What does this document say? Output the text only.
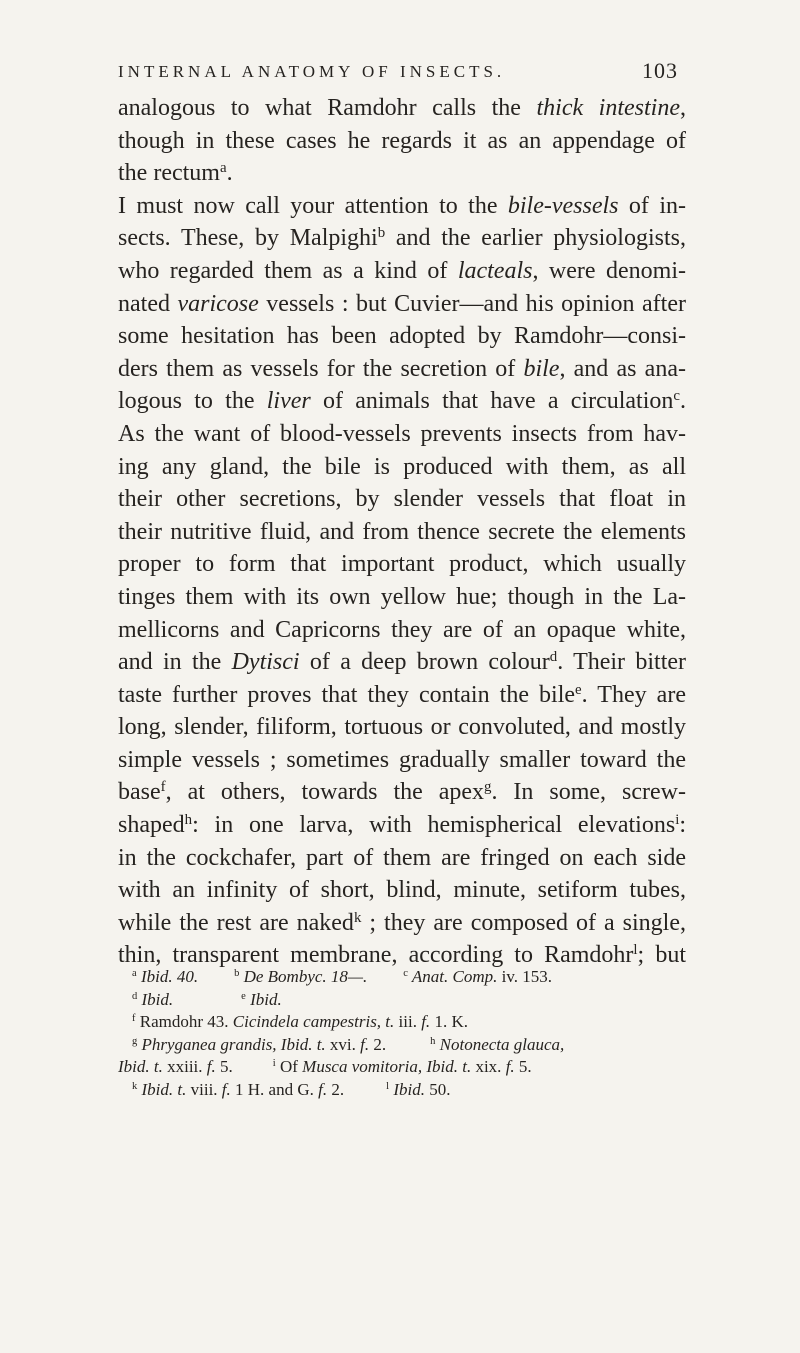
INTERNAL ANATOMY OF INSECTS.	103
analogous to what Ramdohr calls the thick intestine,
though in these cases he regards it as an appendage of
the rectum$^a$.
I must now call your attention to the bile-vessels of in-
sects. These, by Malpighi$^b$ and the earlier physiologists,
who regarded them as a kind of lacteals, were denomi-
nated varicose vessels : but Cuvier—and his opinion after
some hesitation has been adopted by Ramdohr—consi-
ders them as vessels for the secretion of bile, and as ana-
logous to the liver of animals that have a circulation$^c$.
As the want of blood-vessels prevents insects from hav-
ing any gland, the bile is produced with them, as all
their other secretions, by slender vessels that float in
their nutritive fluid, and from thence secrete the elements
proper to form that important product, which usually
tinges them with its own yellow hue; though in the La-
mellicorns and Capricorns they are of an opaque white,
and in the Dytisci of a deep brown colour$^d$. Their bitter
taste further proves that they contain the bile$^e$. They are
long, slender, filiform, tortuous or convoluted, and mostly
simple vessels ; sometimes gradually smaller toward the
base$^f$, at others, towards the apex$^g$. In some, screw-
shaped$^h$: in one larva, with hemispherical elevations$^i$:
in the cockchafer, part of them are fringed on each side
with an infinity of short, blind, minute, setiform tubes,
while the rest are naked$^k$ ; they are composed of a single,
thin, transparent membrane, according to Ramdohr$^l$; but
$^a$ Ibid. 40.	$^b$ De Bombyc. 18—.	$^c$ Anat. Comp. iv. 153.
$^d$ Ibid.	$^e$ Ibid.
$^f$ Ramdohr 43. Cicindela campestris, t. iii. f. 1. K.
$^g$ Phryganea grandis, Ibid. t. xvi. f. 2.	$^h$ Notonecta glauca,
Ibid. t. xxiii. f. 5.	$^i$ Of Musca vomitoria, Ibid. t. xix. f. 5.
$^k$ Ibid. t. viii. f. 1 H. and G. f. 2.	$^l$ Ibid. 50.
